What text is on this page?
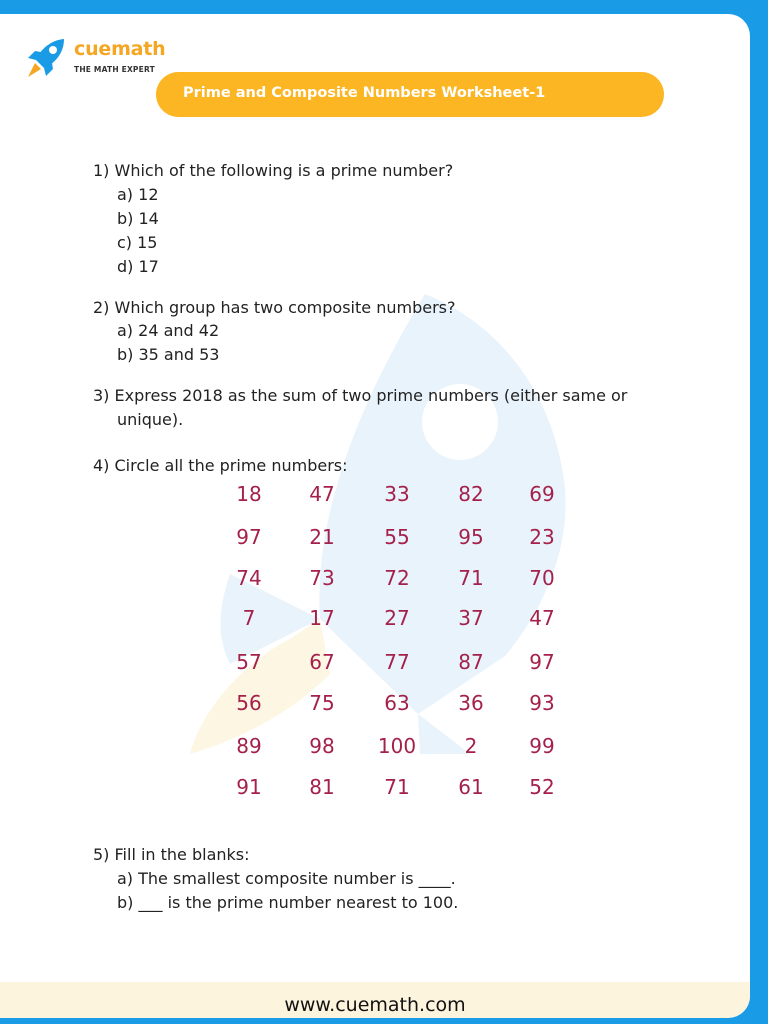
cuemath
THE MATH EXPERT
Prime and Composite Numbers Worksheet-1
1) Which of the following is a prime number?
a) 12
b) 14
c) 15
d) 17
2) Which group has two composite numbers?
a) 24 and 42
b) 35 and 53
3) Express 2018 as the sum of two prime numbers (either same or
unique).
4) Circle all the prime numbers:
18	47	33	82	69
97	21	55	95	23
74	73	72	71	70
7	17	27	37	47
57	67	77	87	97
56	75	63	36	93
89	98	100	2	99
91	81	71	61	52
5) Fill in the blanks:
a) The smallest composite number is ____.
b) ___ is the prime number nearest to 100.
www.cuemath.com
